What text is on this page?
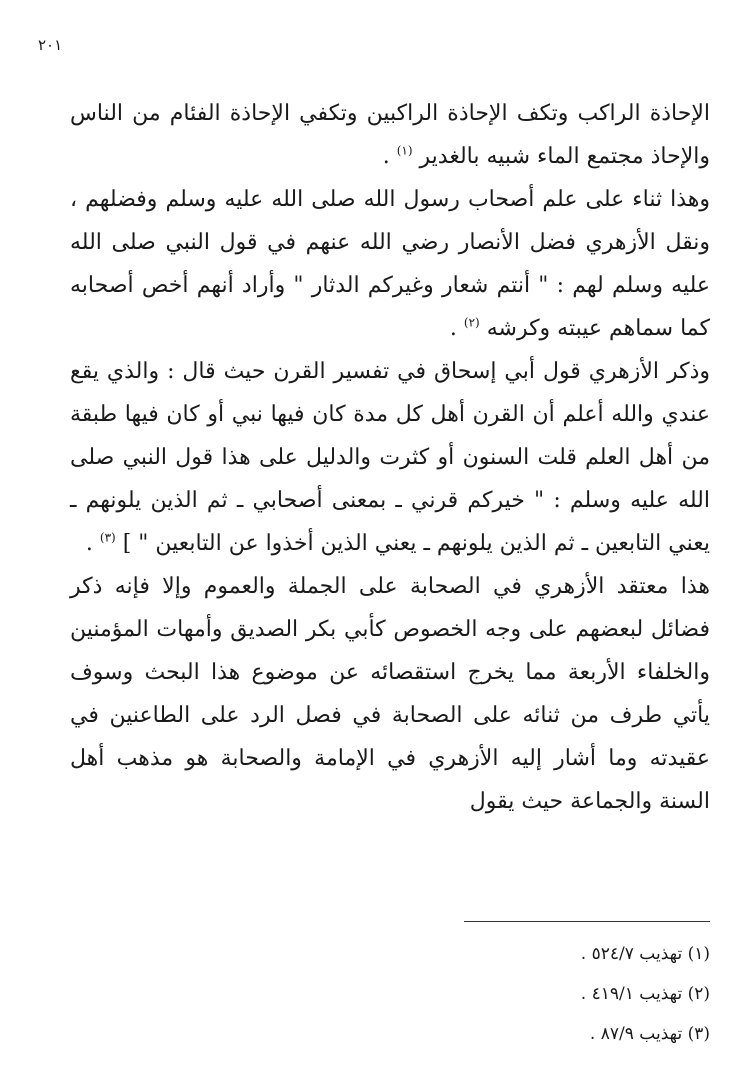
٢٠١

الإحاذة الراكب وتكف الإحاذة الراكبين وتكفي الإحاذة الفئام من الناس والإحاذ مجتمع الماء شبيه بالغدير $^{(١)}$ .

وهذا ثناء على علم أصحاب رسول الله صلى الله عليه وسلم وفضلهم ، ونقل الأزهري فضل الأنصار رضي الله عنهم في قول النبي صلى الله عليه وسلم لهم : " أنتم شعار وغيركم الدثار " وأراد أنهم أخص أصحابه كما سماهم عيبته وكرشه $^{(٢)}$ .

وذكر الأزهري قول أبي إسحاق في تفسير القرن حيث قال : والذي يقع عندي والله أعلم أن القرن أهل كل مدة كان فيها نبي أو كان فيها طبقة من أهل العلم قلت السنون أو كثرت والدليل على هذا قول النبي صلى الله عليه وسلم : " خيركم قرني ـ بمعنى أصحابي ـ ثم الذين يلونهم ـ يعني التابعين ـ ثم الذين يلونهم ـ يعني الذين أخذوا عن التابعين " ] $^{(٣)}$ .

هذا معتقد الأزهري في الصحابة على الجملة والعموم وإلا فإنه ذكر فضائل لبعضهم على وجه الخصوص كأبي بكر الصديق وأمهات المؤمنين والخلفاء الأربعة مما يخرج استقصائه عن موضوع هذا البحث وسوف يأتي طرف من ثنائه على الصحابة في فصل الرد على الطاعنين في عقيدته وما أشار إليه الأزهري في الإمامة والصحابة هو مذهب أهل السنة والجماعة حيث يقول

(١) تهذيب ٥٢٤/٧ .
(٢) تهذيب ٤١٩/١ .
(٣) تهذيب ٨٧/٩ .
